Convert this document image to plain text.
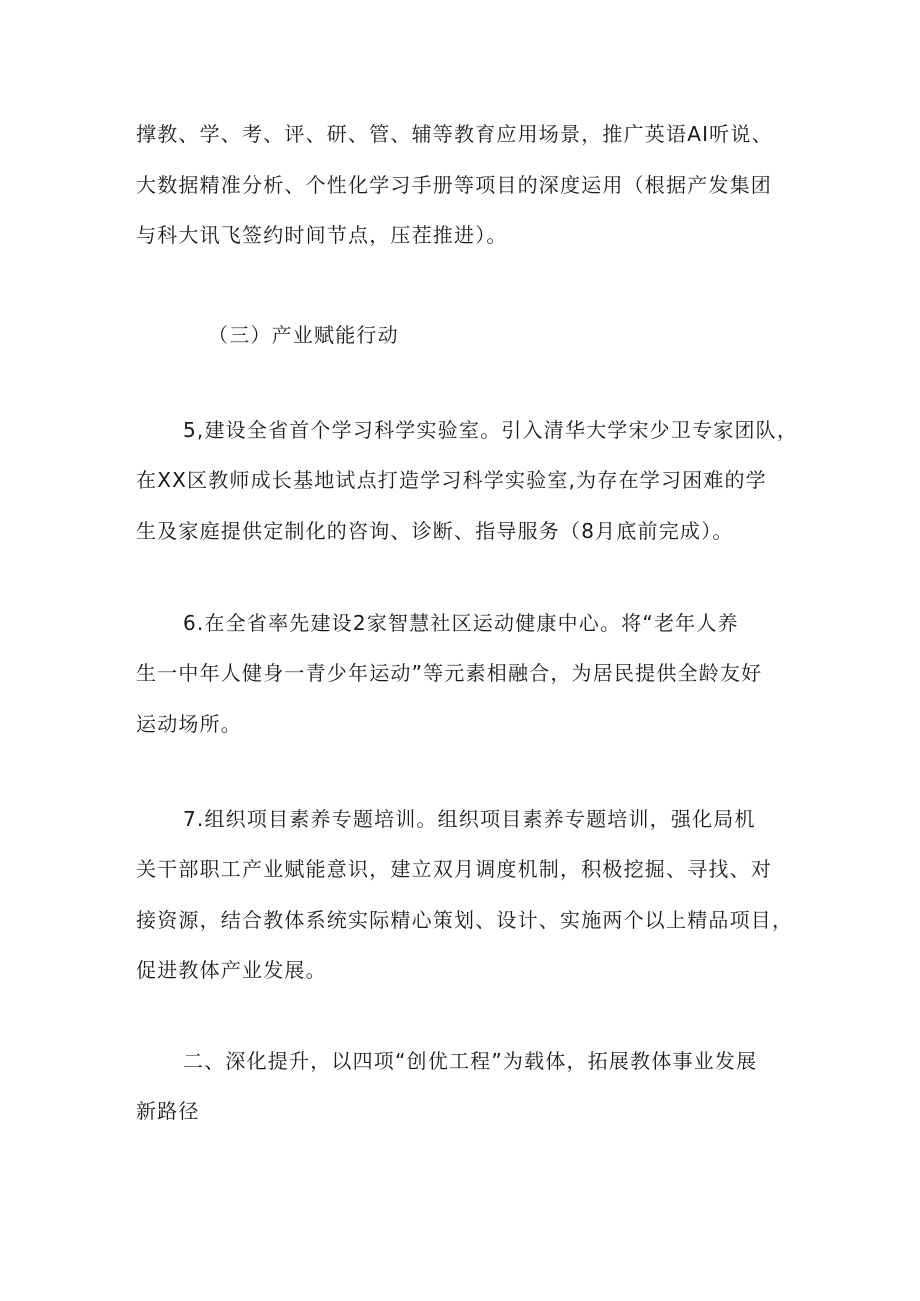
撑教、学、考、评、研、管、辅等教育应用场景，推广英语AI听说、
大数据精准分析、个性化学习手册等项目的深度运用（根据产发集团
与科大讯飞签约时间节点，压茬推进）。
（三）产业赋能行动
5,建设全省首个学习科学实验室。引入清华大学宋少卫专家团队，
在XX区教师成长基地试点打造学习科学实验室,为存在学习困难的学
生及家庭提供定制化的咨询、诊断、指导服务（8月底前完成）。
6.在全省率先建设2家智慧社区运动健康中心。将“老年人养
生一中年人健身一青少年运动”等元素相融合，为居民提供全龄友好
运动场所。
7.组织项目素养专题培训。组织项目素养专题培训，强化局机
关干部职工产业赋能意识，建立双月调度机制，积极挖掘、寻找、对
接资源，结合教体系统实际精心策划、设计、实施两个以上精品项目，
促进教体产业发展。
二、深化提升，以四项“创优工程”为载体，拓展教体事业发展
新路径
